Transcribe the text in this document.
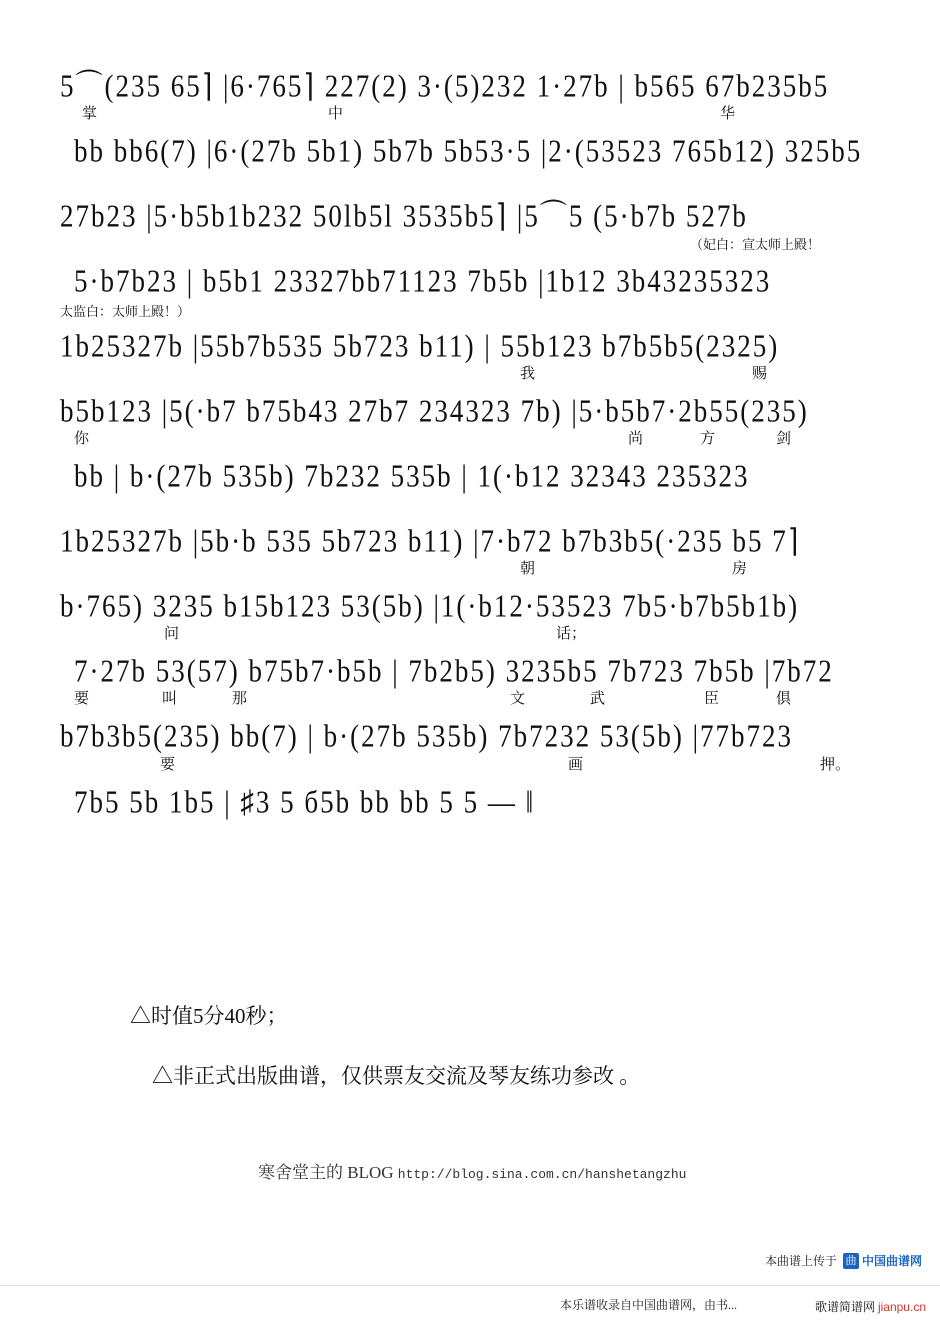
5⌒(235 65⌉ |6·765⌉ 227(2) 3·(5)232 1·27b | b565 67b235b5
掌	中	华
bb bb6(7) |6·(27b 5b1) 5b7b 5b53·5 |2·(53523 765b12) 325b5
27b23 |5·b5b1b232 50lb5l 3535b5⌉ |5⌒5 (5·b7b 527b
（妃白：宣太师上殿！
5·b7b23 | b5b1 23327bb71123 7b5b |1b12 3b43235323
太监白：太师上殿！）
1b25327b |55b7b535 5b723 b11) | 55b123 b7b5b5(2325)
我	赐
b5b123 |5(·b7 b75b43 27b7 234323 7b) |5·b5b7·2b55(235)
你	尚	方	剑
bb | b·(27b 535b) 7b232 535b | 1(·b12 32343 235323
1b25327b |5b·b 535 5b723 b11) |7·b72 b7b3b5(·235 b5 7⌉
朝	房
b·765) 3235 b15b123 53(5b) |1(·b12·53523 7b5·b7b5b1b)
问	话；
7·27b 53(57) b75b7·b5b | 7b2b5) 3235b5 7b723 7b5b |7b72
要	叫	那	文	武	臣	俱
b7b3b5(235) bb(7) | b·(27b 535b) 7b7232 53(5b) |77b723
要	画	押。
7b5 5b 1b5 | ♯3 5 б5b bb bb 5 5 — ‖
△时值5分40秒；
△非正式出版曲谱，仅供票友交流及琴友练功参改 。
寒舍堂主的 BLOG http://blog.sina.com.cn/hanshetangzhu
本曲谱上传于 曲 中国曲谱网
本乐谱收录自中国曲谱网，由书...	歌谱简谱网 jianpu.cn
